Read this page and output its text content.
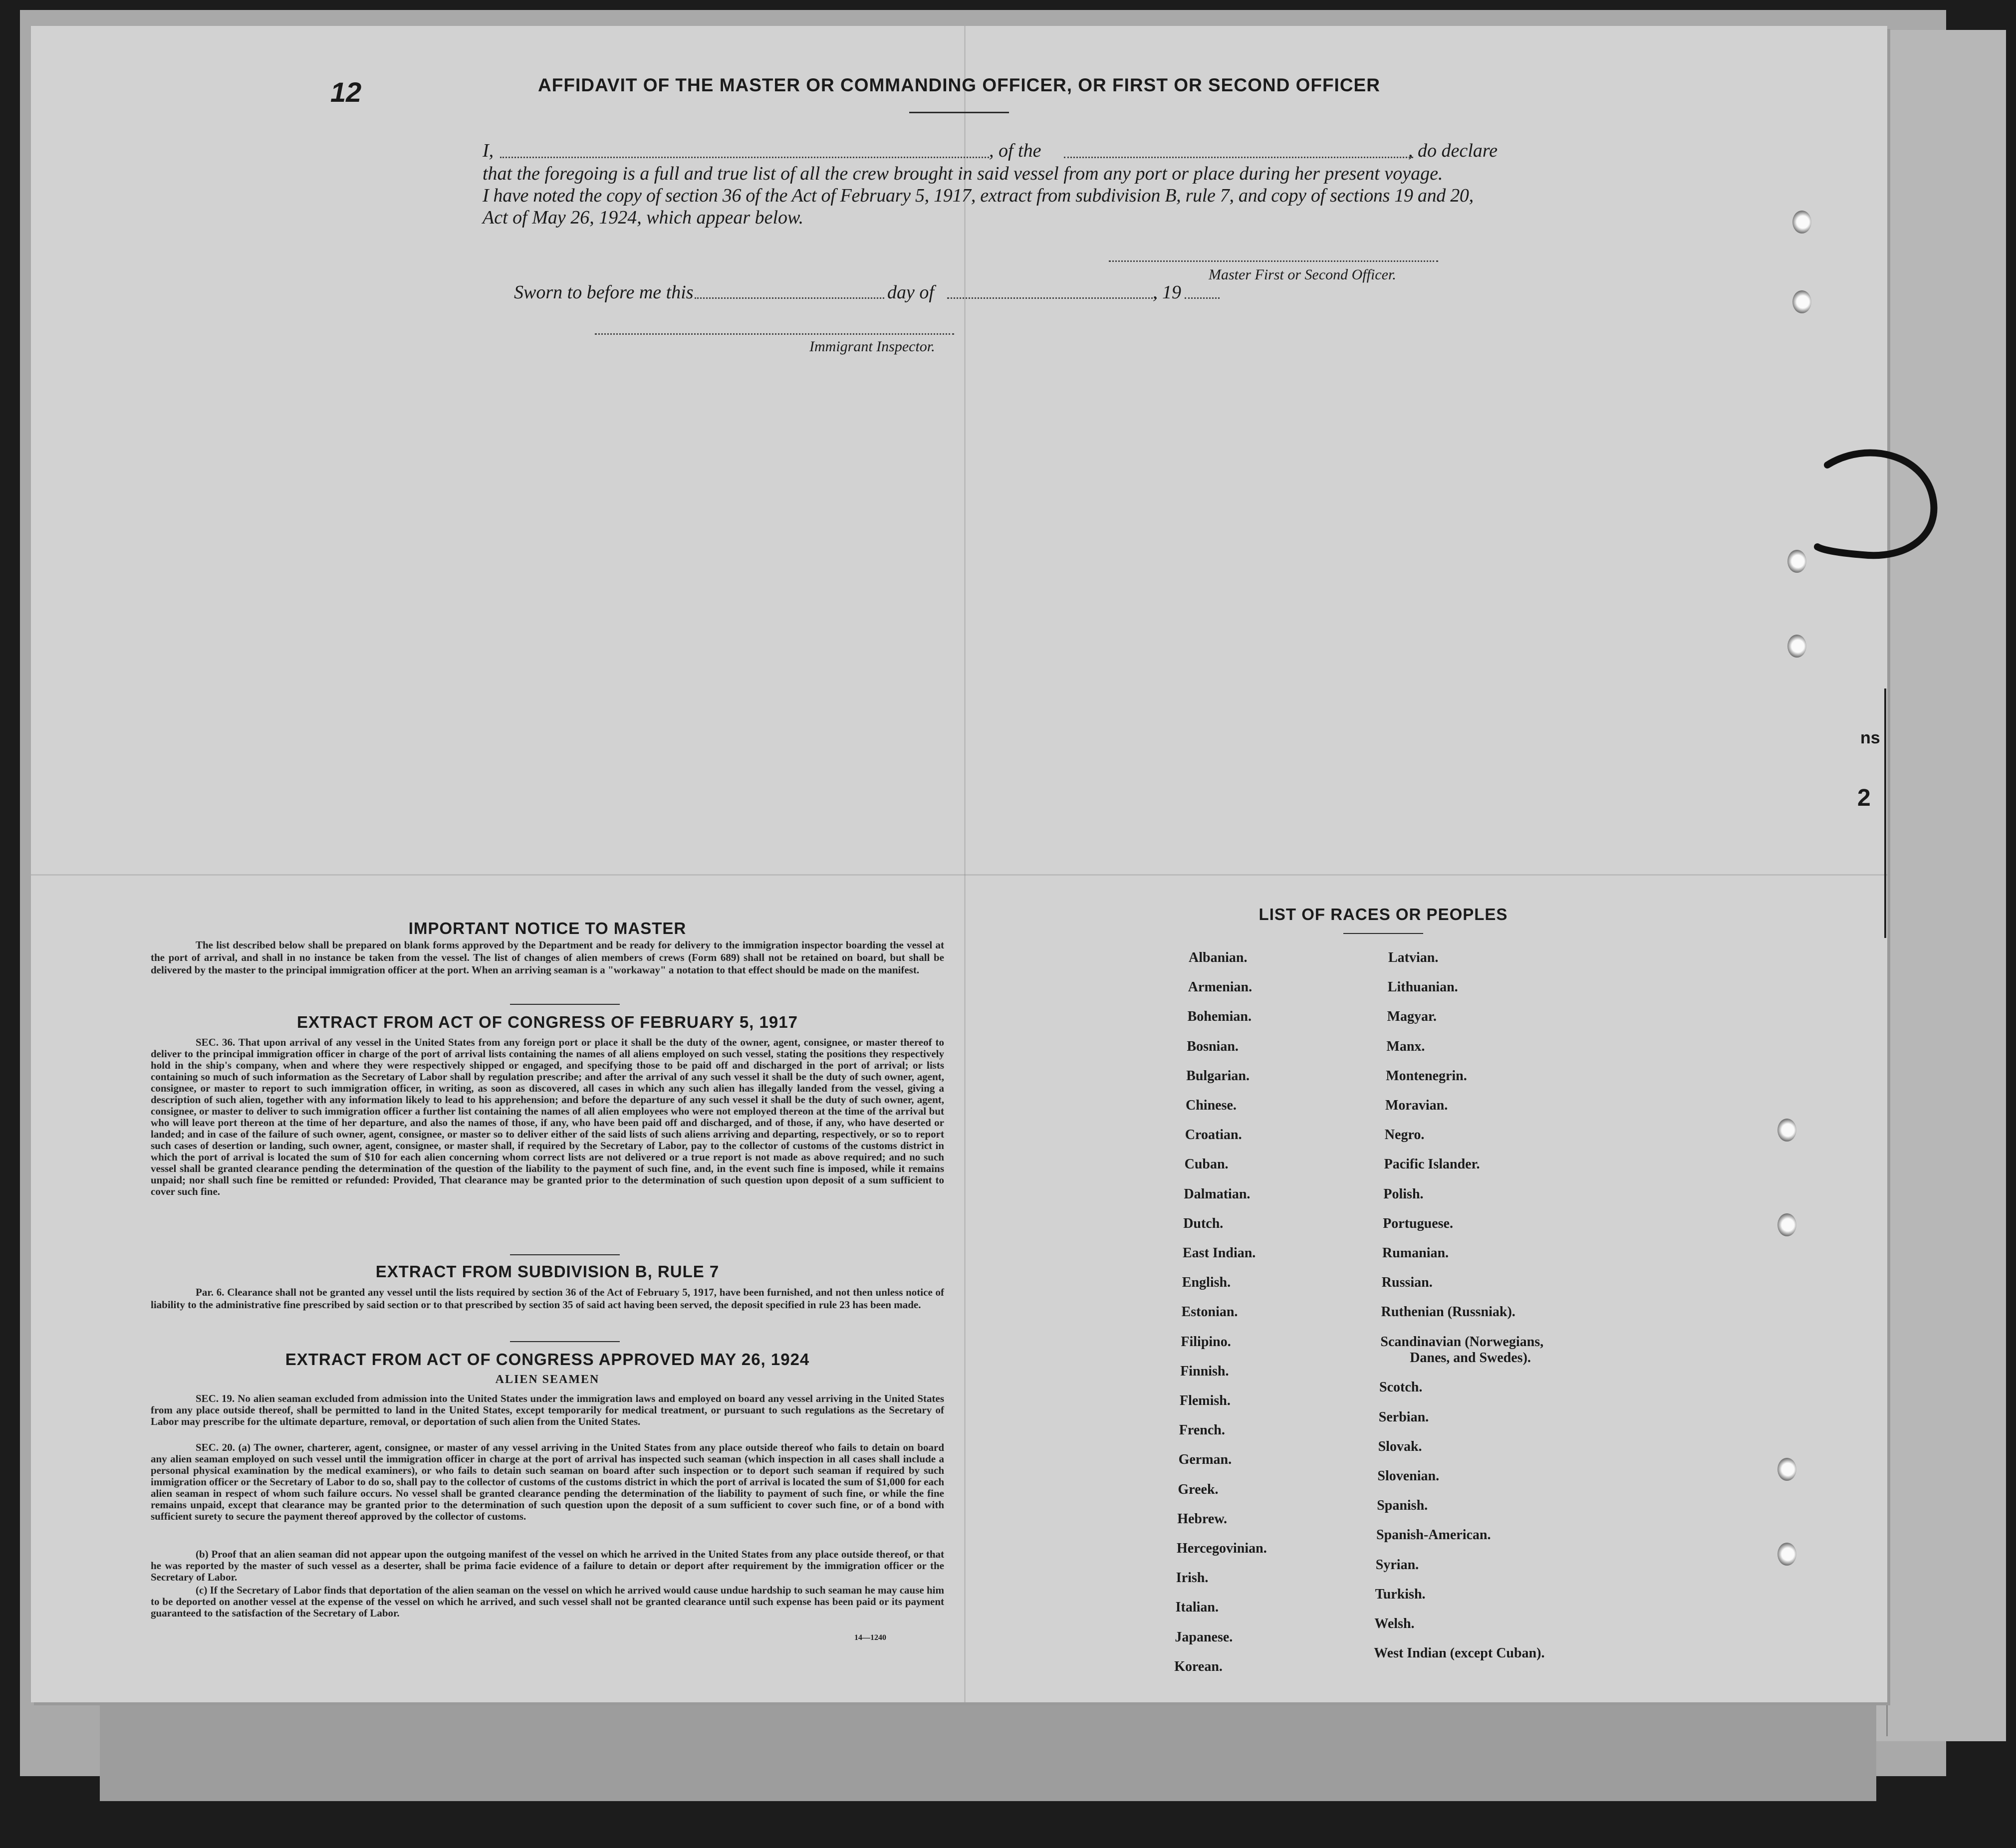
12	AFFIDAVIT OF THE MASTER OR COMMANDING OFFICER, OR FIRST OR SECOND OFFICER
I,	, of the	, do declare
that the foregoing is a full and true list of all the crew brought in said vessel from any port or place during her present voyage.
I have noted the copy of section 36 of the Act of February 5, 1917, extract from subdivision B, rule 7, and copy of sections 19 and 20,
Act of May 26, 1924, which appear below.
Master First or Second Officer.
Sworn to before me this	day of	, 19
Immigrant Inspector.
IMPORTANT NOTICE TO MASTER
The list described below shall be prepared on blank forms approved by the Department and be ready for delivery to the immigration inspector boarding the vessel at the port of arrival, and shall in no instance be taken from the vessel. The list of changes of alien members of crews (Form 689) shall not be retained on board, but shall be delivered by the master to the principal immigration officer at the port. When an arriving seaman is a "workaway" a notation to that effect should be made on the manifest.
EXTRACT FROM ACT OF CONGRESS OF FEBRUARY 5, 1917
SEC. 36. That upon arrival of any vessel in the United States from any foreign port or place it shall be the duty of the owner, agent, consignee, or master thereof to deliver to the principal immigration officer in charge of the port of arrival lists containing the names of all aliens employed on such vessel, stating the positions they respectively hold in the ship's company, when and where they were respectively shipped or engaged, and specifying those to be paid off and discharged in the port of arrival; or lists containing so much of such information as the Secretary of Labor shall by regulation prescribe; and after the arrival of any such vessel it shall be the duty of such owner, agent, consignee, or master to report to such immigration officer, in writing, as soon as discovered, all cases in which any such alien has illegally landed from the vessel, giving a description of such alien, together with any information likely to lead to his apprehension; and before the departure of any such vessel it shall be the duty of such owner, agent, consignee, or master to deliver to such immigration officer a further list containing the names of all alien employees who were not employed thereon at the time of the arrival but who will leave port thereon at the time of her departure, and also the names of those, if any, who have been paid off and discharged, and of those, if any, who have deserted or landed; and in case of the failure of such owner, agent, consignee, or master so to deliver either of the said lists of such aliens arriving and departing, respectively, or so to report such cases of desertion or landing, such owner, agent, consignee, or master shall, if required by the Secretary of Labor, pay to the collector of customs of the customs district in which the port of arrival is located the sum of $10 for each alien concerning whom correct lists are not delivered or a true report is not made as above required; and no such vessel shall be granted clearance pending the determination of the question of the liability to the payment of such fine, and, in the event such fine is imposed, while it remains unpaid; nor shall such fine be remitted or refunded: Provided, That clearance may be granted prior to the determination of such question upon deposit of a sum sufficient to cover such fine.
EXTRACT FROM SUBDIVISION B, RULE 7
Par. 6. Clearance shall not be granted any vessel until the lists required by section 36 of the Act of February 5, 1917, have been furnished, and not then unless notice of liability to the administrative fine prescribed by said section or to that prescribed by section 35 of said act having been served, the deposit specified in rule 23 has been made.
EXTRACT FROM ACT OF CONGRESS APPROVED MAY 26, 1924
ALIEN SEAMEN
SEC. 19. No alien seaman excluded from admission into the United States under the immigration laws and employed on board any vessel arriving in the United States from any place outside thereof, shall be permitted to land in the United States, except temporarily for medical treatment, or pursuant to such regulations as the Secretary of Labor may prescribe for the ultimate departure, removal, or deportation of such alien from the United States.
SEC. 20. (a) The owner, charterer, agent, consignee, or master of any vessel arriving in the United States from any place outside thereof who fails to detain on board any alien seaman employed on such vessel until the immigration officer in charge at the port of arrival has inspected such seaman (which inspection in all cases shall include a personal physical examination by the medical examiners), or who fails to detain such seaman on board after such inspection or to deport such seaman if required by such immigration officer or the Secretary of Labor to do so, shall pay to the collector of customs of the customs district in which the port of arrival is located the sum of $1,000 for each alien seaman in respect of whom such failure occurs. No vessel shall be granted clearance pending the determination of the liability to payment of such fine, or while the fine remains unpaid, except that clearance may be granted prior to the determination of such question upon the deposit of a sum sufficient to cover such fine, or of a bond with sufficient surety to secure the payment thereof approved by the collector of customs.
(b) Proof that an alien seaman did not appear upon the outgoing manifest of the vessel on which he arrived in the United States from any place outside thereof, or that he was reported by the master of such vessel as a deserter, shall be prima facie evidence of a failure to detain or deport after requirement by the immigration officer or the Secretary of Labor.
(c) If the Secretary of Labor finds that deportation of the alien seaman on the vessel on which he arrived would cause undue hardship to such seaman he may cause him to be deported on another vessel at the expense of the vessel on which he arrived, and such vessel shall not be granted clearance until such expense has been paid or its payment guaranteed to the satisfaction of the Secretary of Labor.
14—1240
LIST OF RACES OR PEOPLES
Albanian.
Armenian.
Bohemian.
Bosnian.
Bulgarian.
Chinese.
Croatian.
Cuban.
Dalmatian.
Dutch.
East Indian.
English.
Estonian.
Filipino.
Finnish.
Flemish.
French.
German.
Greek.
Hebrew.
Hercegovinian.
Irish.
Italian.
Japanese.
Korean.
Latvian.
Lithuanian.
Magyar.
Manx.
Montenegrin.
Moravian.
Negro.
Pacific Islander.
Polish.
Portuguese.
Rumanian.
Russian.
Ruthenian (Russniak).
Scandinavian (Norwegians,
Danes, and Swedes).
Scotch.
Serbian.
Slovak.
Slovenian.
Spanish.
Spanish-American.
Syrian.
Turkish.
Welsh.
West Indian (except Cuban).
ns
2
